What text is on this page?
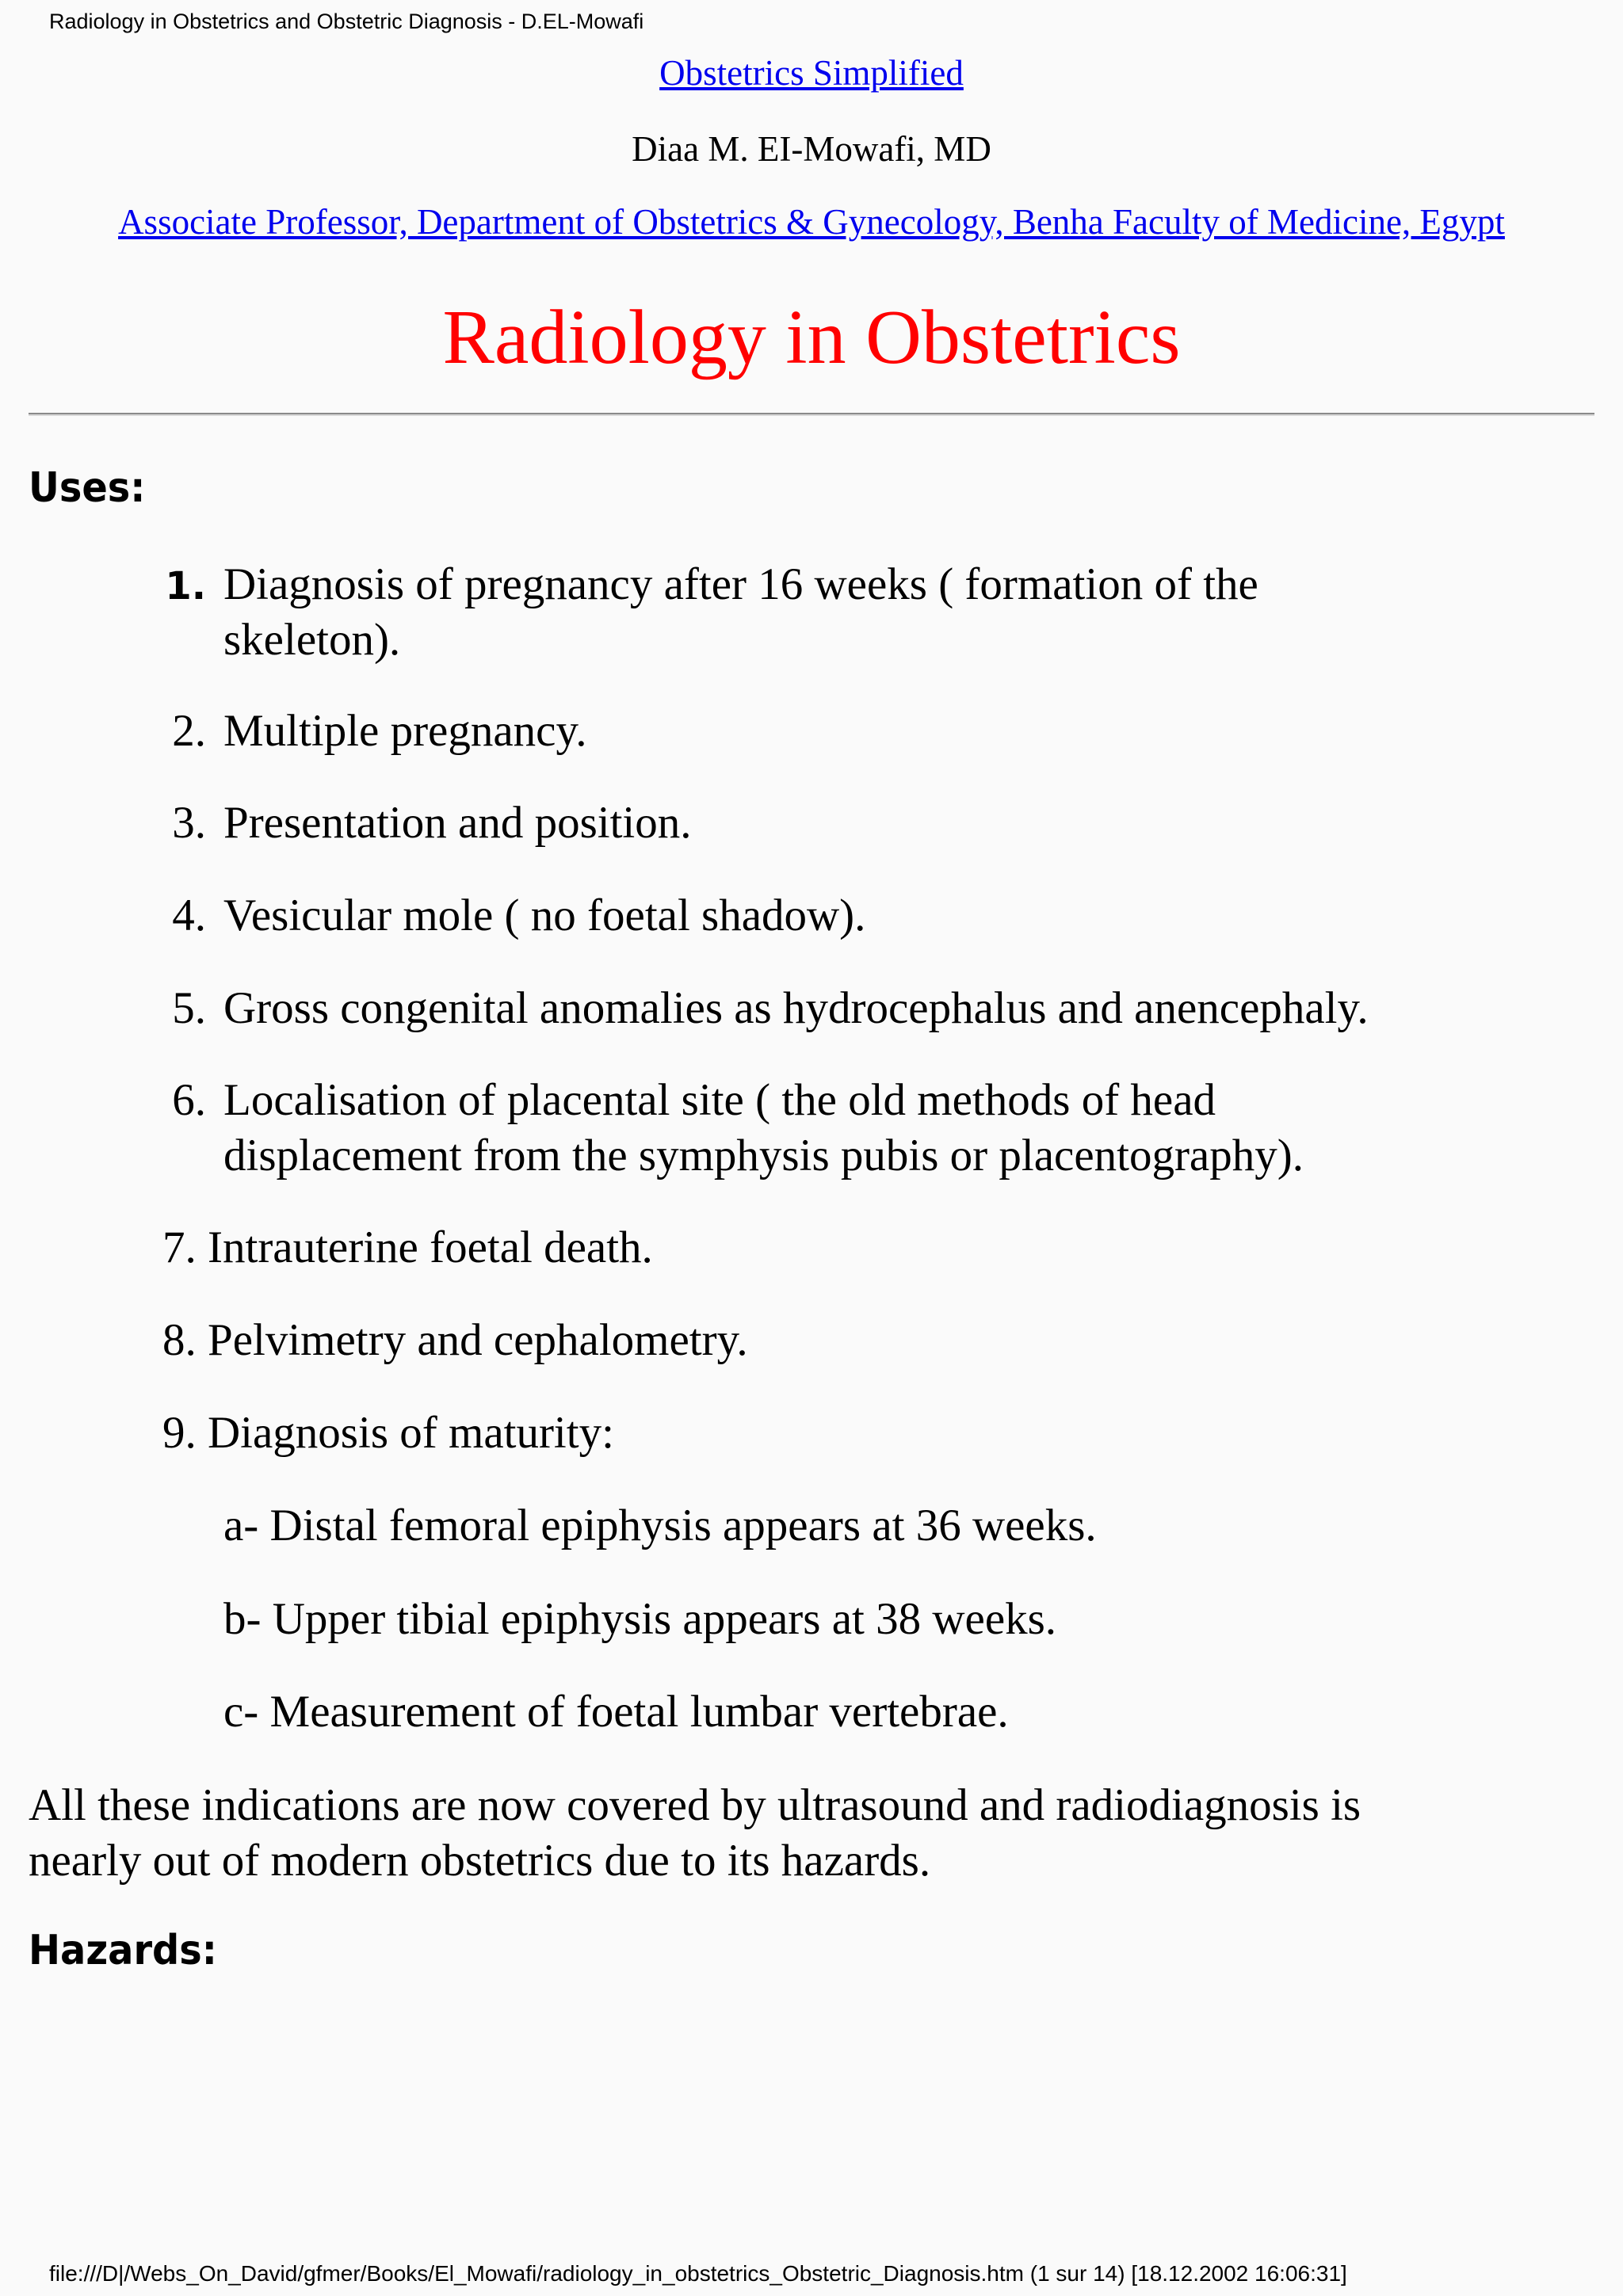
Radiology in Obstetrics and Obstetric Diagnosis - D.EL-Mowafi
Obstetrics Simplified
Diaa M. EI-Mowafi, MD
Associate Professor, Department of Obstetrics & Gynecology, Benha Faculty of Medicine, Egypt
Radiology in Obstetrics
Uses:
1. Diagnosis of pregnancy after 16 weeks ( formation of the
skeleton).
2. Multiple pregnancy.
3. Presentation and position.
4. Vesicular mole ( no foetal shadow).
5. Gross congenital anomalies as hydrocephalus and anencephaly.
6. Localisation of placental site ( the old methods of head
displacement from the symphysis pubis or placentography).
7. Intrauterine foetal death.
8. Pelvimetry and cephalometry.
9. Diagnosis of maturity:
a- Distal femoral epiphysis appears at 36 weeks.
b- Upper tibial epiphysis appears at 38 weeks.
c- Measurement of foetal lumbar vertebrae.
All these indications are now covered by ultrasound and radiodiagnosis is
nearly out of modern obstetrics due to its hazards.
Hazards:
file:///D|/Webs_On_David/gfmer/Books/El_Mowafi/radiology_in_obstetrics_Obstetric_Diagnosis.htm (1 sur 14) [18.12.2002 16:06:31]
